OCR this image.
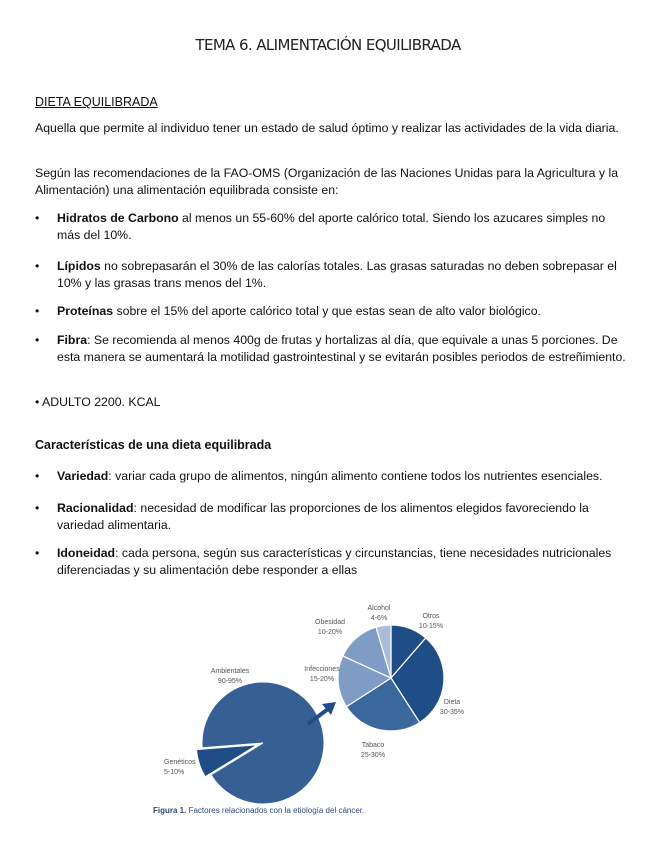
TEMA 6. ALIMENTACIÓN EQUILIBRADA
DIETA EQUILIBRADA
Aquella que permite al individuo tener un estado de salud óptimo y realizar las actividades de la vida diaria.
Según las recomendaciones de la FAO-OMS (Organización de las Naciones Unidas para la Agricultura y la Alimentación) una alimentación equilibrada consiste en:
• Hidratos de Carbono al menos un 55-60% del aporte calórico total. Siendo los azucares simples no más del 10%.
• Lípidos no sobrepasarán el 30% de las calorías totales. Las grasas saturadas no deben sobrepasar el 10% y las grasas trans menos del 1%.
• Proteínas sobre el 15% del aporte calórico total y que estas sean de alto valor biológico.
• Fibra: Se recomienda al menos 400g de frutas y hortalizas al día, que equivale a unas 5 porciones. De esta manera se aumentará la motilidad gastrointestinal y se evitarán posibles periodos de estreñimiento.
• ADULTO 2200. KCAL
Características de una dieta equilibrada
• Variedad: variar cada grupo de alimentos, ningún alimento contiene todos los nutrientes esenciales.
• Racionalidad: necesidad de modificar las proporciones de los alimentos elegidos favoreciendo la variedad alimentaria.
• Idoneidad: cada persona, según sus características y circunstancias, tiene necesidades nutricionales diferenciadas y su alimentación debe responder a ellas
Ambientales
90-95%
Genéticos
5-10%
Otros
10-15%
Dieta
30-35%
Tabaco
25-30%
Infecciones
15-20%
Obesidad
10-20%
Alcohol
4-6%
Figura 1. Factores relacionados con la etiología del cáncer.
